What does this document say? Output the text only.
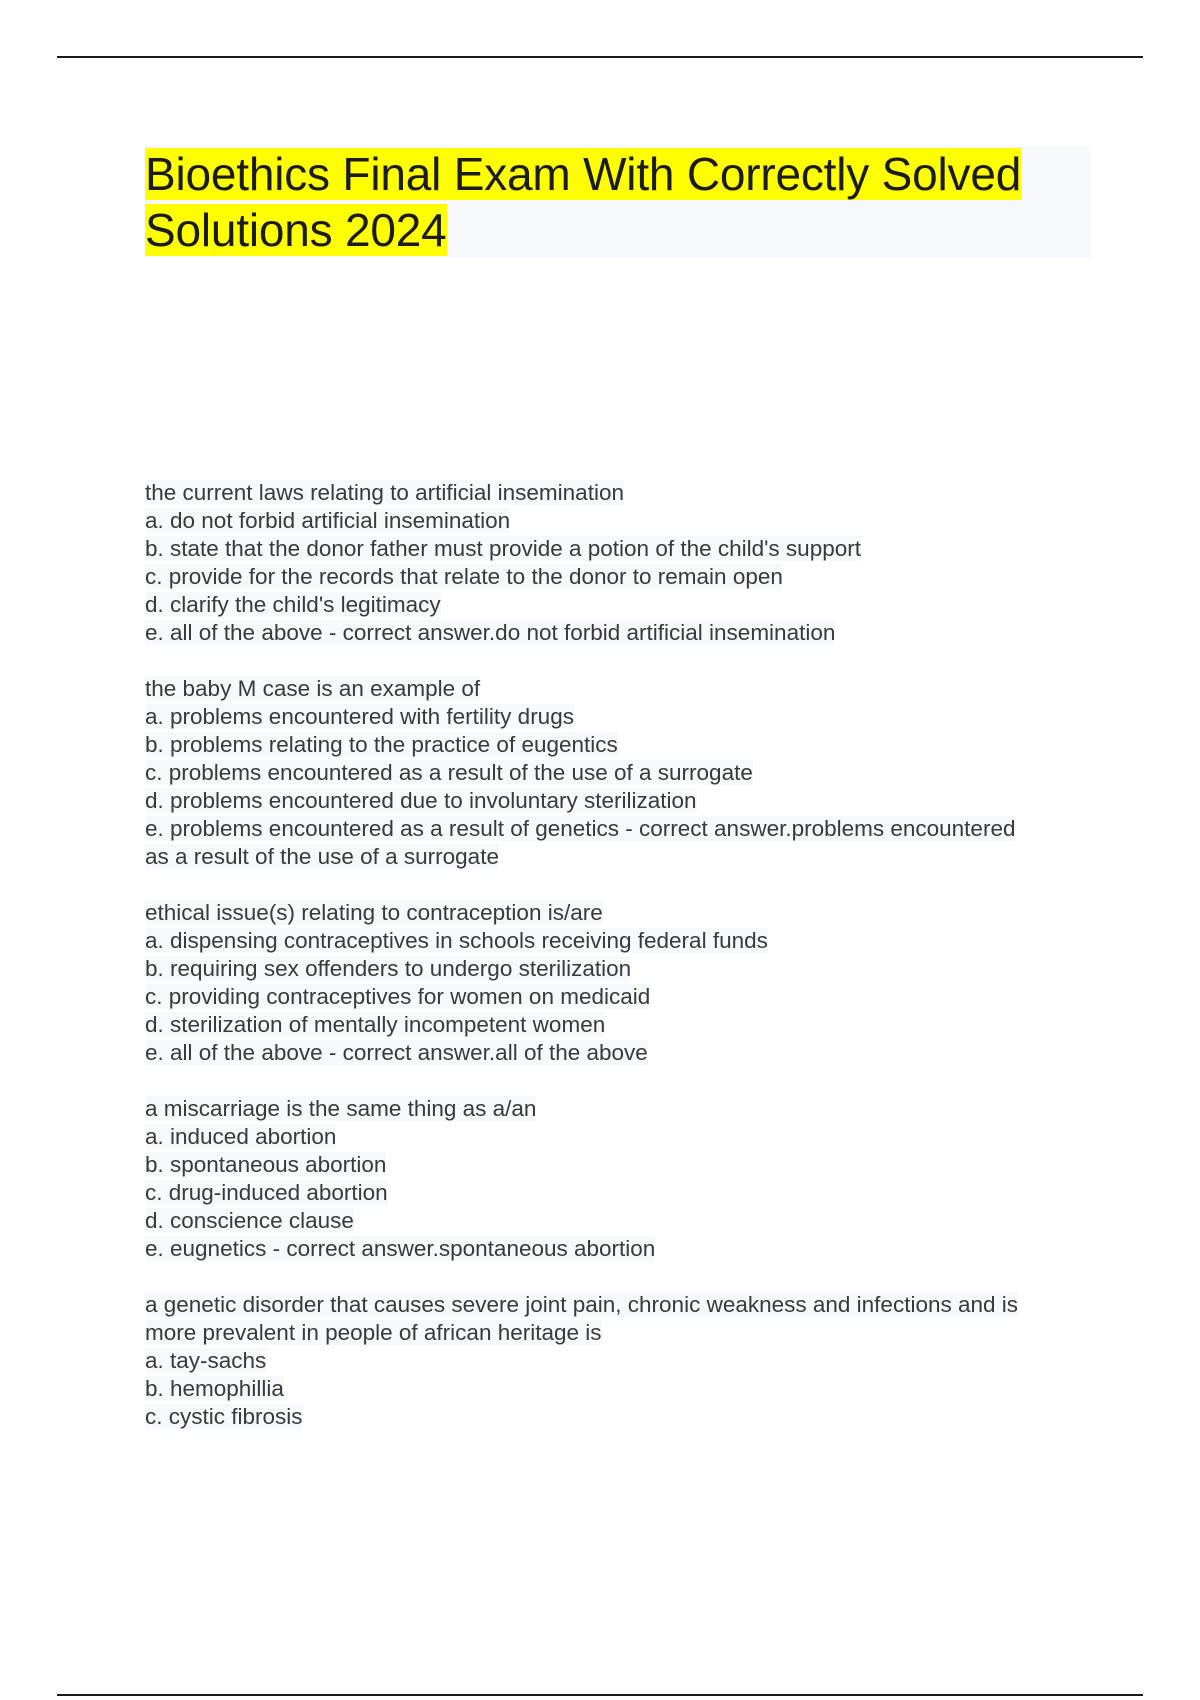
Bioethics Final Exam With Correctly Solved Solutions 2024
the current laws relating to artificial insemination
a. do not forbid artificial insemination
b. state that the donor father must provide a potion of the child's support
c. provide for the records that relate to the donor to remain open
d. clarify the child's legitimacy
e. all of the above - correct answer.do not forbid artificial insemination
the baby M case is an example of
a. problems encountered with fertility drugs
b. problems relating to the practice of eugentics
c. problems encountered as a result of the use of a surrogate
d. problems encountered due to involuntary sterilization
e. problems encountered as a result of genetics - correct answer.problems encountered
as a result of the use of a surrogate
ethical issue(s) relating to contraception is/are
a. dispensing contraceptives in schools receiving federal funds
b. requiring sex offenders to undergo sterilization
c. providing contraceptives for women on medicaid
d. sterilization of mentally incompetent women
e. all of the above - correct answer.all of the above
a miscarriage is the same thing as a/an
a. induced abortion
b. spontaneous abortion
c. drug-induced abortion
d. conscience clause
e. eugnetics - correct answer.spontaneous abortion
a genetic disorder that causes severe joint pain, chronic weakness and infections and is
more prevalent in people of african heritage is
a. tay-sachs
b. hemophillia
c. cystic fibrosis
